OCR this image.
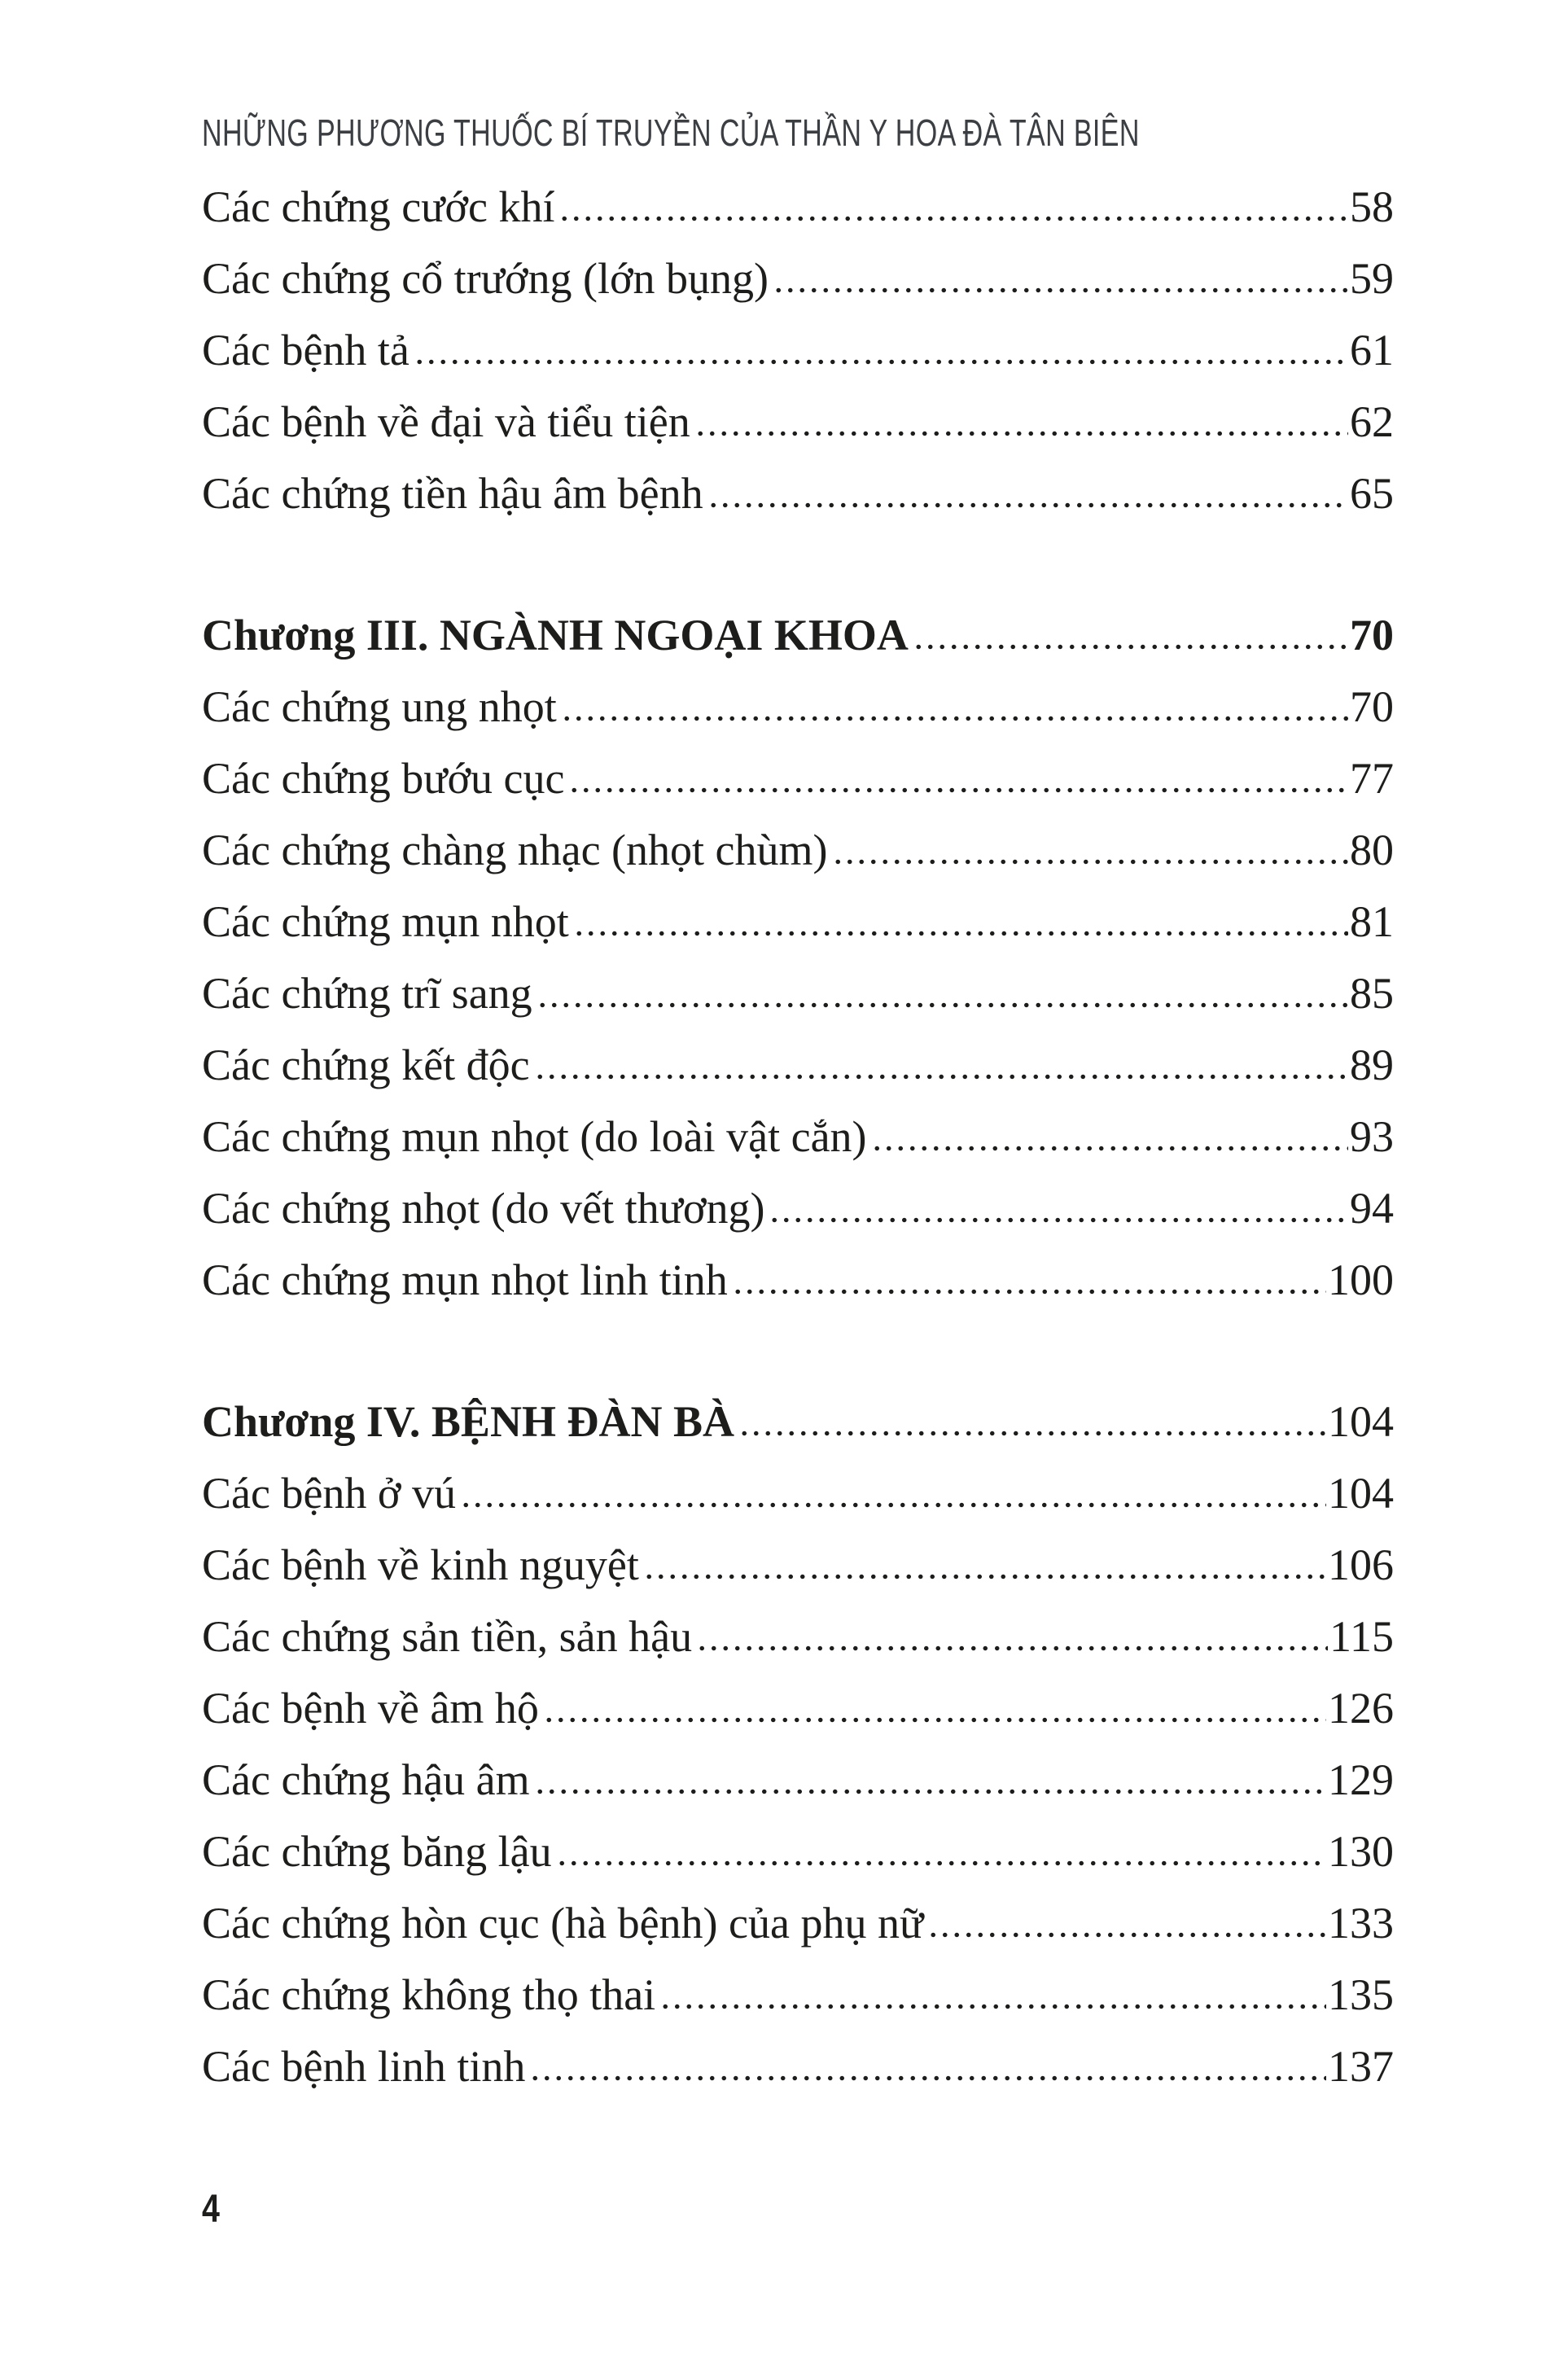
NHỮNG PHƯƠNG THUỐC BÍ TRUYỀN CỦA THẦN Y HOA ĐÀ TÂN BIÊN
Các chứng cước khí	58
Các chứng cổ trướng (lớn bụng)	59
Các bệnh tả	61
Các bệnh về đại và tiểu tiện	62
Các chứng tiền hậu âm bệnh	65
Chương III. NGÀNH NGOẠI KHOA	70
Các chứng ung nhọt	70
Các chứng bướu cục	77
Các chứng chàng nhạc (nhọt chùm)	80
Các chứng mụn nhọt	81
Các chứng trĩ sang	85
Các chứng kết độc	89
Các chứng mụn nhọt (do loài vật cắn)	93
Các chứng nhọt (do vết thương)	94
Các chứng mụn nhọt linh tinh	100
Chương IV. BỆNH ĐÀN BÀ	104
Các bệnh ở vú	104
Các bệnh về kinh nguyệt	106
Các chứng sản tiền, sản hậu	115
Các bệnh về âm hộ	126
Các chứng hậu âm	129
Các chứng băng lậu	130
Các chứng hòn cục (hà bệnh) của phụ nữ	133
Các chứng không thọ thai	135
Các bệnh linh tinh	137
4
